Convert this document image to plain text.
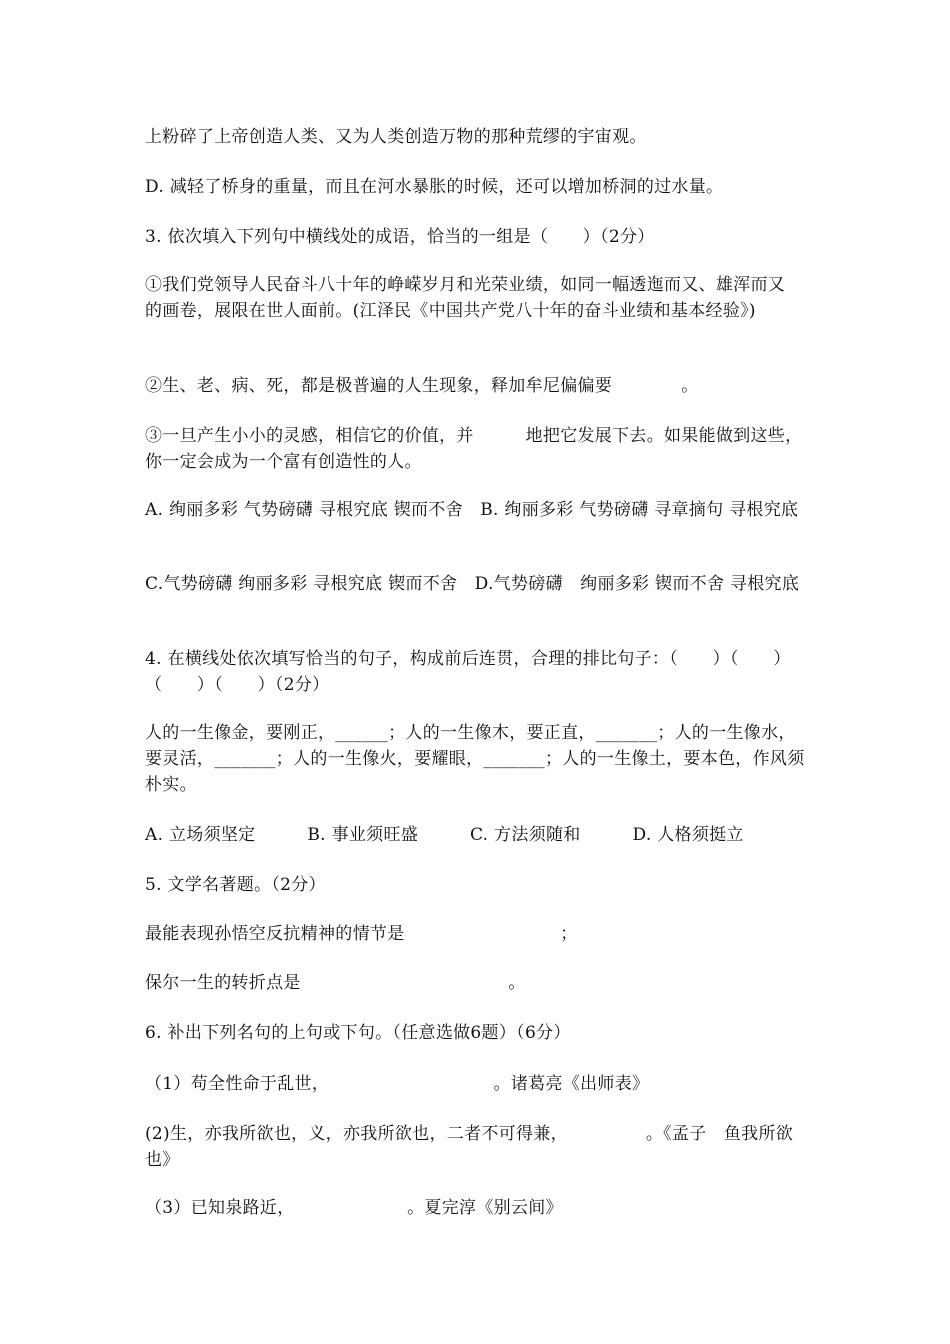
上粉碎了上帝创造人类、又为人类创造万物的那种荒缪的宇宙观。
D. 减轻了桥身的重量，而且在河水暴胀的时候，还可以增加桥洞的过水量。
3. 依次填入下列句中横线处的成语，恰当的一组是（　　）（2分）
①我们党领导人民奋斗八十年的峥嵘岁月和光荣业绩，如同一幅透迤而又、雄浑而又　　的画卷，展限在世人面前。(江泽民《中国共产党八十年的奋斗业绩和基本经验》)
②生、老、病、死，都是极普遍的人生现象，释加牟尼偏偏要　　　　。
③一旦产生小小的灵感，相信它的价值，并　　　地把它发展下去。如果能做到这些，你一定会成为一个富有创造性的人。
A. 绚丽多彩 气势磅礴 寻根究底 锲而不舍　B. 绚丽多彩 气势磅礴 寻章摘句 寻根究底
C.气势磅礴 绚丽多彩 寻根究底 锲而不舍　D.气势磅礴　绚丽多彩 锲而不舍 寻根究底
4. 在横线处依次填写恰当的句子，构成前后连贯，合理的排比句子：（　　）（　　）（　　）（　　）（2分）
人的一生像金，要刚正，______；人的一生像木，要正直，_______；人的一生像水，要灵活，_______；人的一生像火，要耀眼，_______；人的一生像土，要本色，作风须朴实。
A. 立场须坚定　　　B. 事业须旺盛　　　C. 方法须随和　　　D. 人格须挺立
5. 文学名著题。（2分）
最能表现孙悟空反抗精神的情节是　　　　　　　　　；
保尔一生的转折点是　　　　　　　　　　　　。
6. 补出下列名句的上句或下句。（任意选做6题）（6分）
（1）苟全性命于乱世，　　　　　　　　　　。诸葛亮《出师表》
(2)生，亦我所欲也，义，亦我所欲也，二者不可得兼，　　　　　。《孟子　鱼我所欲也》
（3）已知泉路近，　　　　　　　。夏完淳《别云间》
